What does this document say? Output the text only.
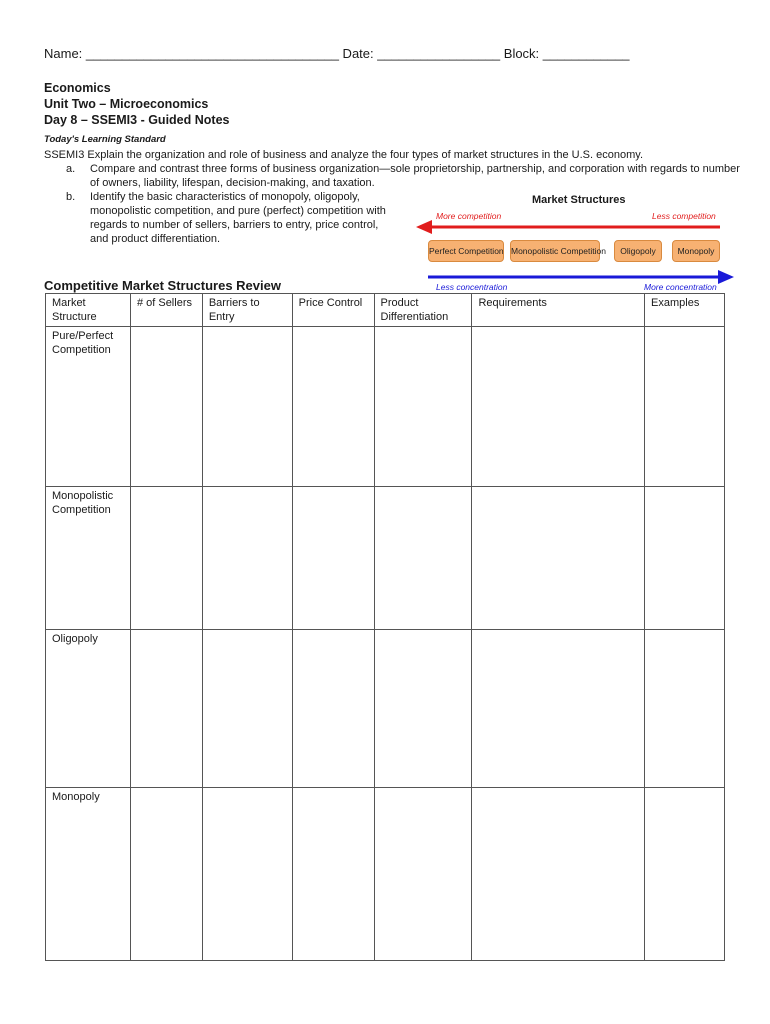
Name: ___________________________________ Date: _________________ Block: ____________
Economics
Unit Two – Microeconomics
Day 8 – SSEMI3 - Guided Notes
Today's Learning Standard
SSEMI3 Explain the organization and role of business and analyze the four types of market structures in the U.S. economy.
a. Compare and contrast three forms of business organization—sole proprietorship, partnership, and corporation with regards to number of owners, liability, lifespan, decision-making, and taxation.
b. Identify the basic characteristics of monopoly, oligopoly, monopolistic competition, and pure (perfect) competition with regards to number of sellers, barriers to entry, price control, and product differentiation.
Market Structures
More competition	Less competition
Perfect Competition Monopolistic Competition	Oligopoly	Monopoly
Less concentration	More concentration
Competitive Market Structures Review
Market Structure	# of Sellers	Barriers to Entry	Price Control	Product Differentiation	Requirements	Examples
Pure/Perfect Competition						
Monopolistic Competition						
Oligopoly						
Monopoly						
